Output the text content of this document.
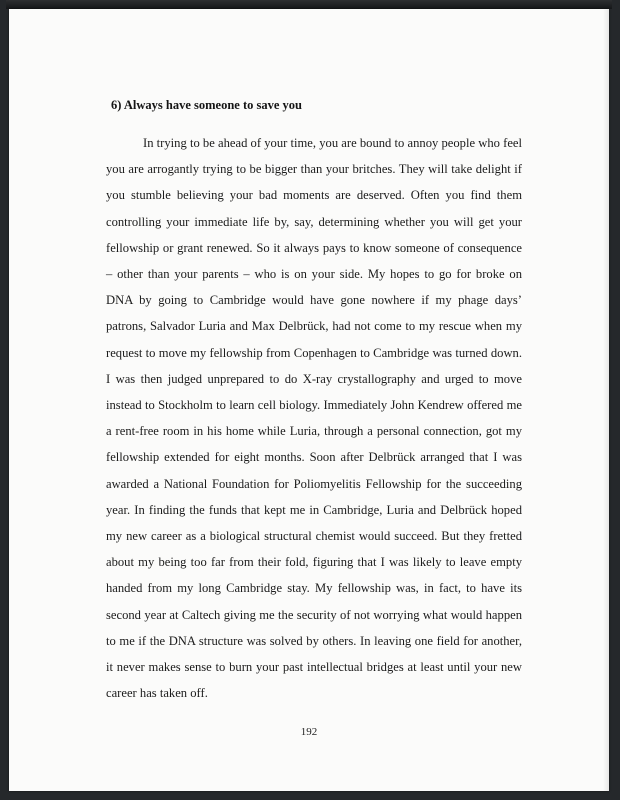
6) Always have someone to save you

In trying to be ahead of your time, you are bound to annoy people who feel you are arrogantly trying to be bigger than your britches. They will take delight if you stumble believing your bad moments are deserved. Often you find them controlling your immediate life by, say, determining whether you will get your fellowship or grant renewed. So it always pays to know someone of consequence – other than your parents – who is on your side. My hopes to go for broke on DNA by going to Cambridge would have gone nowhere if my phage days’ patrons, Salvador Luria and Max Delbrück, had not come to my rescue when my request to move my fellowship from Copenhagen to Cambridge was turned down. I was then judged unprepared to do X-ray crystallography and urged to move instead to Stockholm to learn cell biology. Immediately John Kendrew offered me a rent-free room in his home while Luria, through a personal connection, got my fellowship extended for eight months. Soon after Delbrück arranged that I was awarded a National Foundation for Poliomyelitis Fellowship for the succeeding year. In finding the funds that kept me in Cambridge, Luria and Delbrück hoped my new career as a biological structural chemist would succeed. But they fretted about my being too far from their fold, figuring that I was likely to leave empty handed from my long Cambridge stay. My fellowship was, in fact, to have its second year at Caltech giving me the security of not worrying what would happen to me if the DNA structure was solved by others. In leaving one field for another, it never makes sense to burn your past intellectual bridges at least until your new career has taken off.

192
